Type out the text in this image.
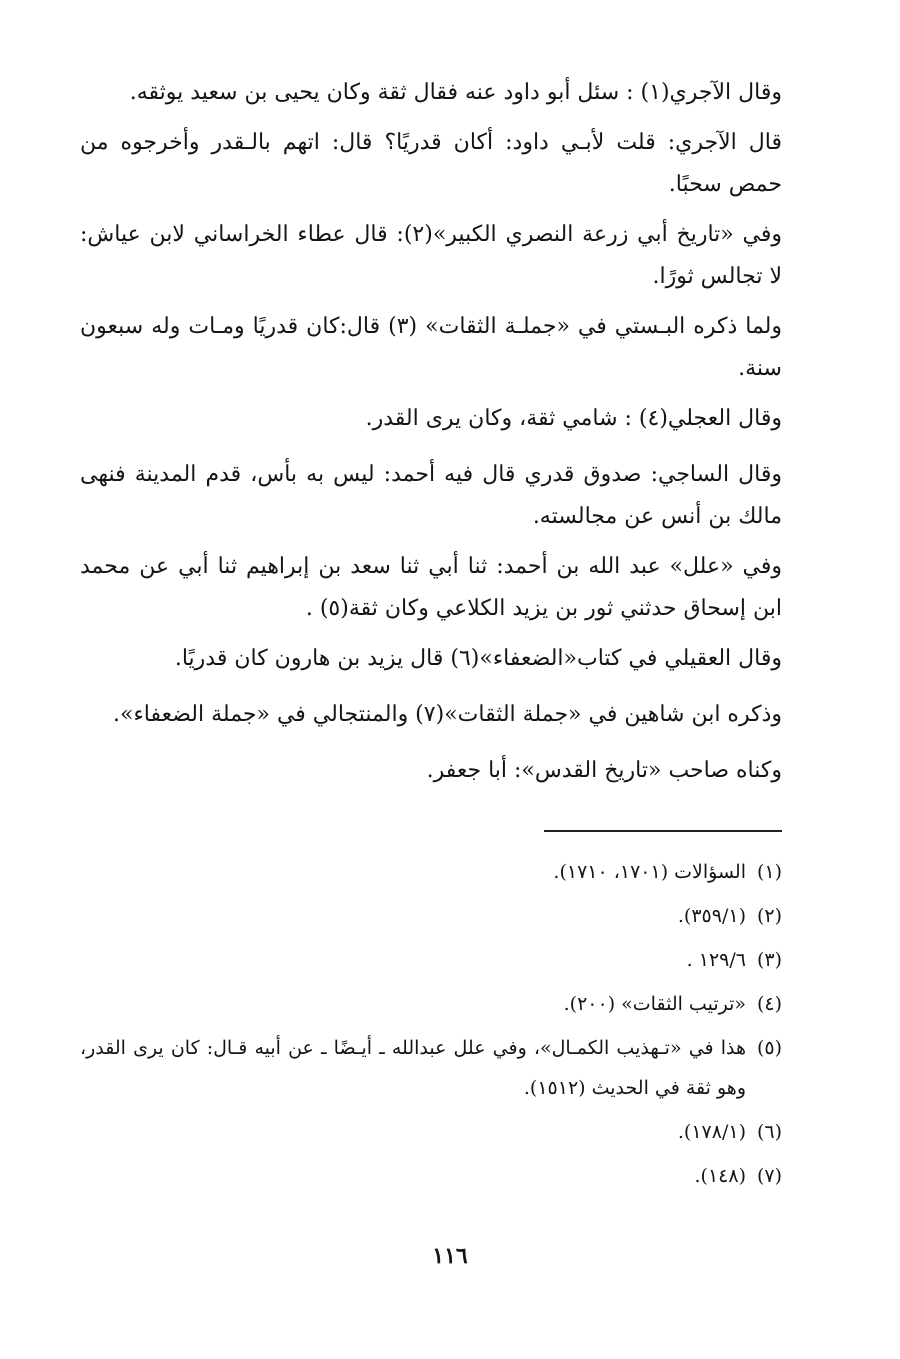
وقال الآجري(١) : سئل أبو داود عنه فقال ثقة وكان يحيى بن سعيد يوثقه.

قال الآجري: قلت لأبـي داود: أكان قدريًا؟ قال: اتهم بالـقدر وأخرجوه من حمص سحبًا.

وفي «تاريخ أبي زرعة النصري الكبير»(٢): قال عطاء الخراساني لابن عياش: لا تجالس ثورًا.

ولما ذكره البـستي في «جملـة الثقات» (٣) قال:كان قدريًا ومـات وله سبعون سنة.

وقال العجلي(٤) : شامي ثقة، وكان يرى القدر.

وقال الساجي: صدوق قدري قال فيه أحمد: ليس به بأس، قدم المدينة فنهى مالك بن أنس عن مجالسته.

وفي «علل» عبد الله بن أحمد: ثنا أبي ثنا سعد بن إبراهيم ثنا أبي عن محمد ابن إسحاق حدثني ثور بن يزيد الكلاعي وكان ثقة(٥) .

وقال العقيلي في كتاب«الضعفاء»(٦) قال يزيد بن هارون كان قدريًا.

وذكره ابن شاهين في «جملة الثقات»(٧) والمنتجالي في «جملة الضعفاء».

وكناه صاحب «تاريخ القدس»: أبا جعفر.

(١)
السؤالات (١٧٠١، ١٧١٠).
(٢)
(٣٥٩/١).
(٣)
١٢٩/٦ .
(٤)
«ترتيب الثقات» (٢٠٠).
(٥)
هذا في «تـهذيب الكمـال»، وفي علل عبدالله ـ أيـضًا ـ عن أبيه قـال: كان يرى القدر، وهو ثقة في الحديث (١٥١٢).
(٦)
(١٧٨/١).
(٧)
(١٤٨).
١١٦
